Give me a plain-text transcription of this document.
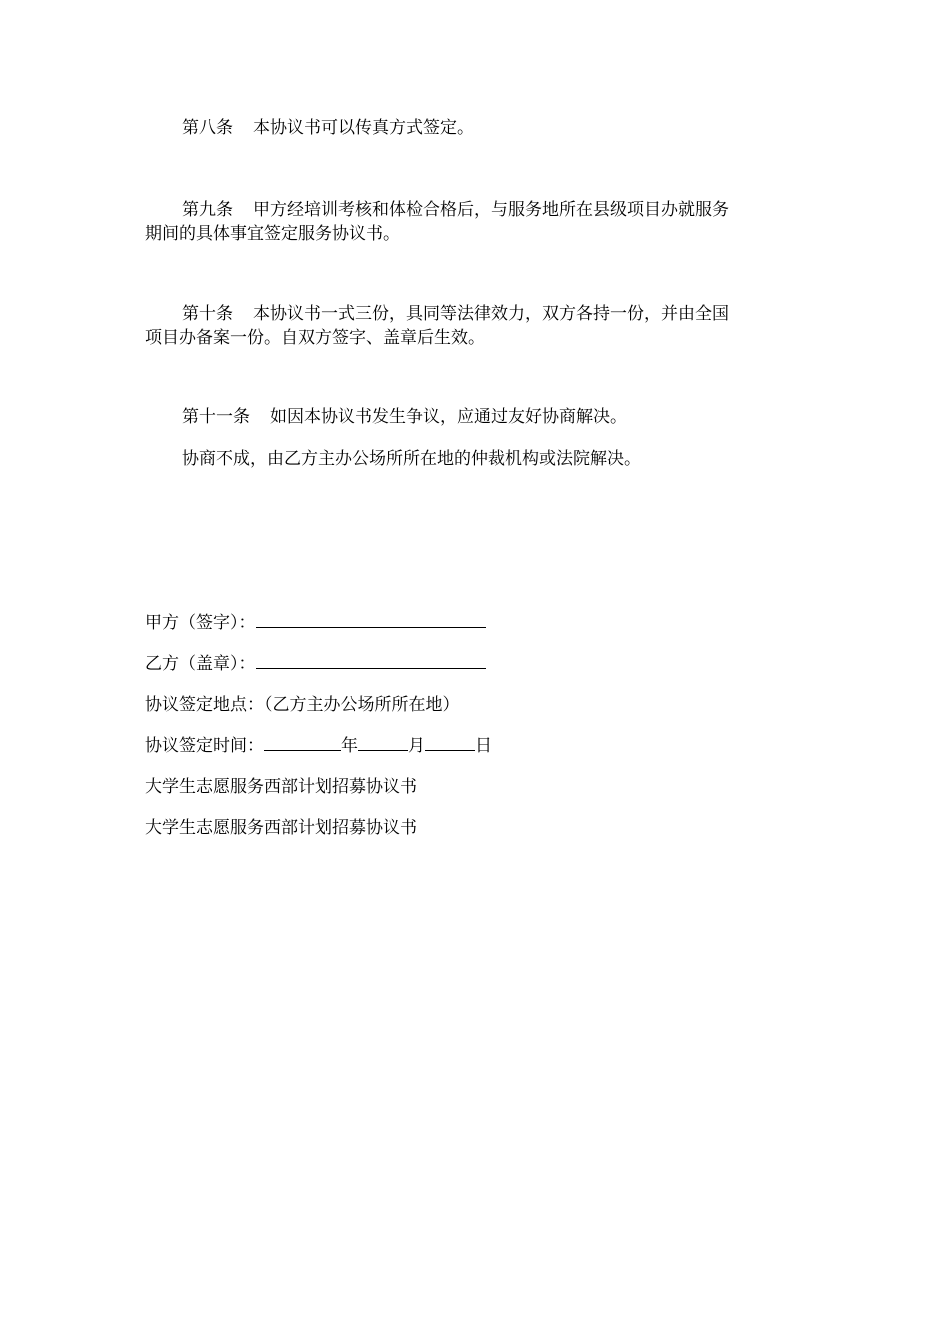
第八条 本协议书可以传真方式签定。
第九条 甲方经培训考核和体检合格后，与服务地所在县级项目办就服务
期间的具体事宜签定服务协议书。
第十条 本协议书一式三份，具同等法律效力，双方各持一份，并由全国
项目办备案一份。自双方签字、盖章后生效。
第十一条 如因本协议书发生争议，应通过友好协商解决。
协商不成，由乙方主办公场所所在地的仲裁机构或法院解决。
甲方（签字）：
乙方（盖章）：
协议签定地点：（乙方主办公场所所在地）
协议签定时间：	年	月	日
大学生志愿服务西部计划招募协议书
大学生志愿服务西部计划招募协议书
